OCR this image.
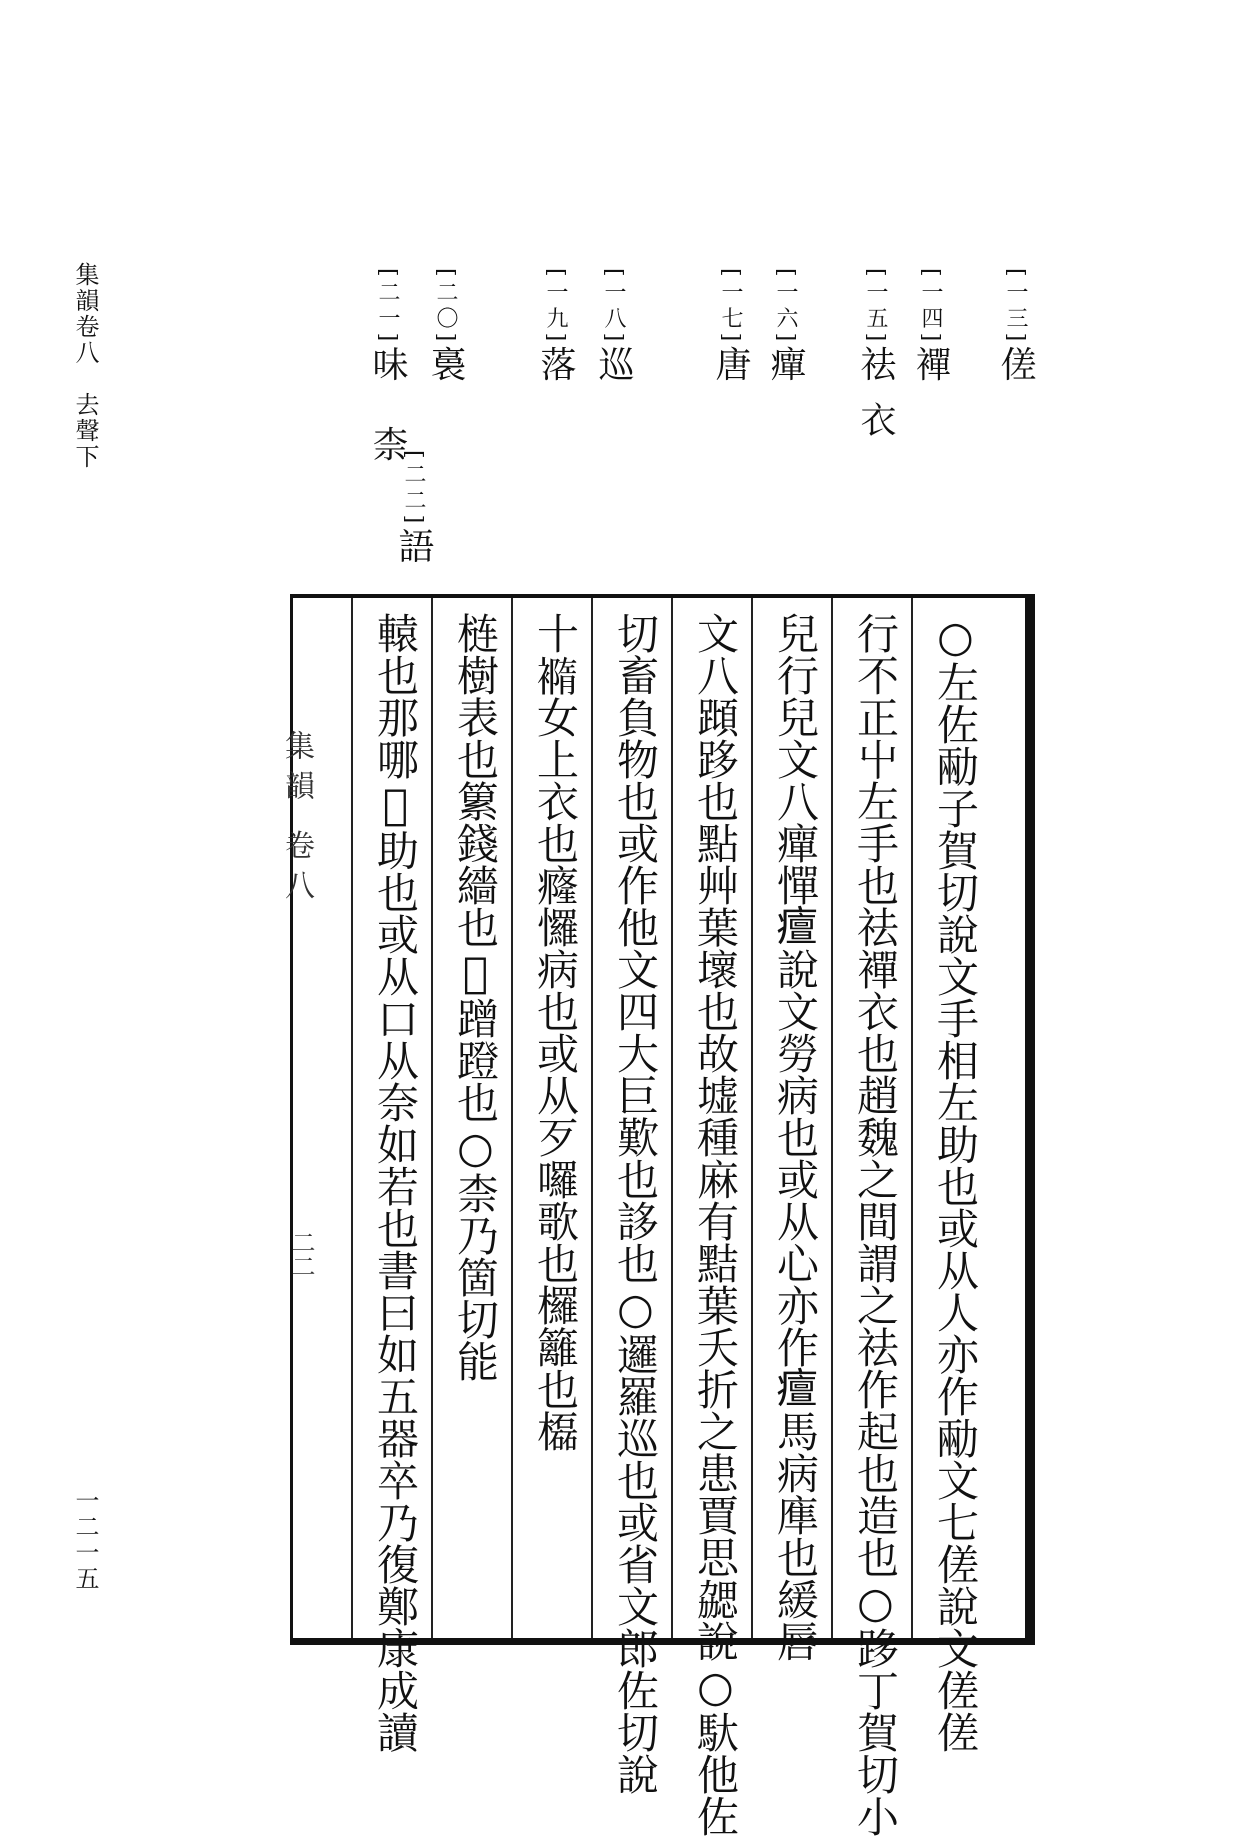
集韻卷八　去聲下
一二一五
[一三]傞
[一四]襌
[一五]祛 衣
[一六]癉
[一七]唐
[一八]巡
[一九]落
[二〇]裛
[二一]味　柰
[二二]語
集韻 卷八
二二	○左佐㔝子賀切說文手相左助也或从人亦作㔝文七傞說文傞傞
行不正屮左手也祛襌衣也趙魏之間謂之祛作起也造也○跢丁賀切小
兒行兒文八癉憚𤺺說文勞病也或从心亦作𤺺馬病㢑也緩唇
文八蹞跢也點艸葉壞也故墟種麻有黠葉夭折之患賈思勰說○馱他佐
切畜負物也或作他文四大巨歎也誃也○邏羅巡也或省文郎佐切說
十𧝍女上衣也癃㦬病也或从歹囉歌也欏籬也㰁
梿樹表也䉂錢繬也𨅸蹭蹬也○柰乃箇切能
轅也那哪𥇨助也或从口从奈如若也書曰如五器卒乃復鄭康成讀
